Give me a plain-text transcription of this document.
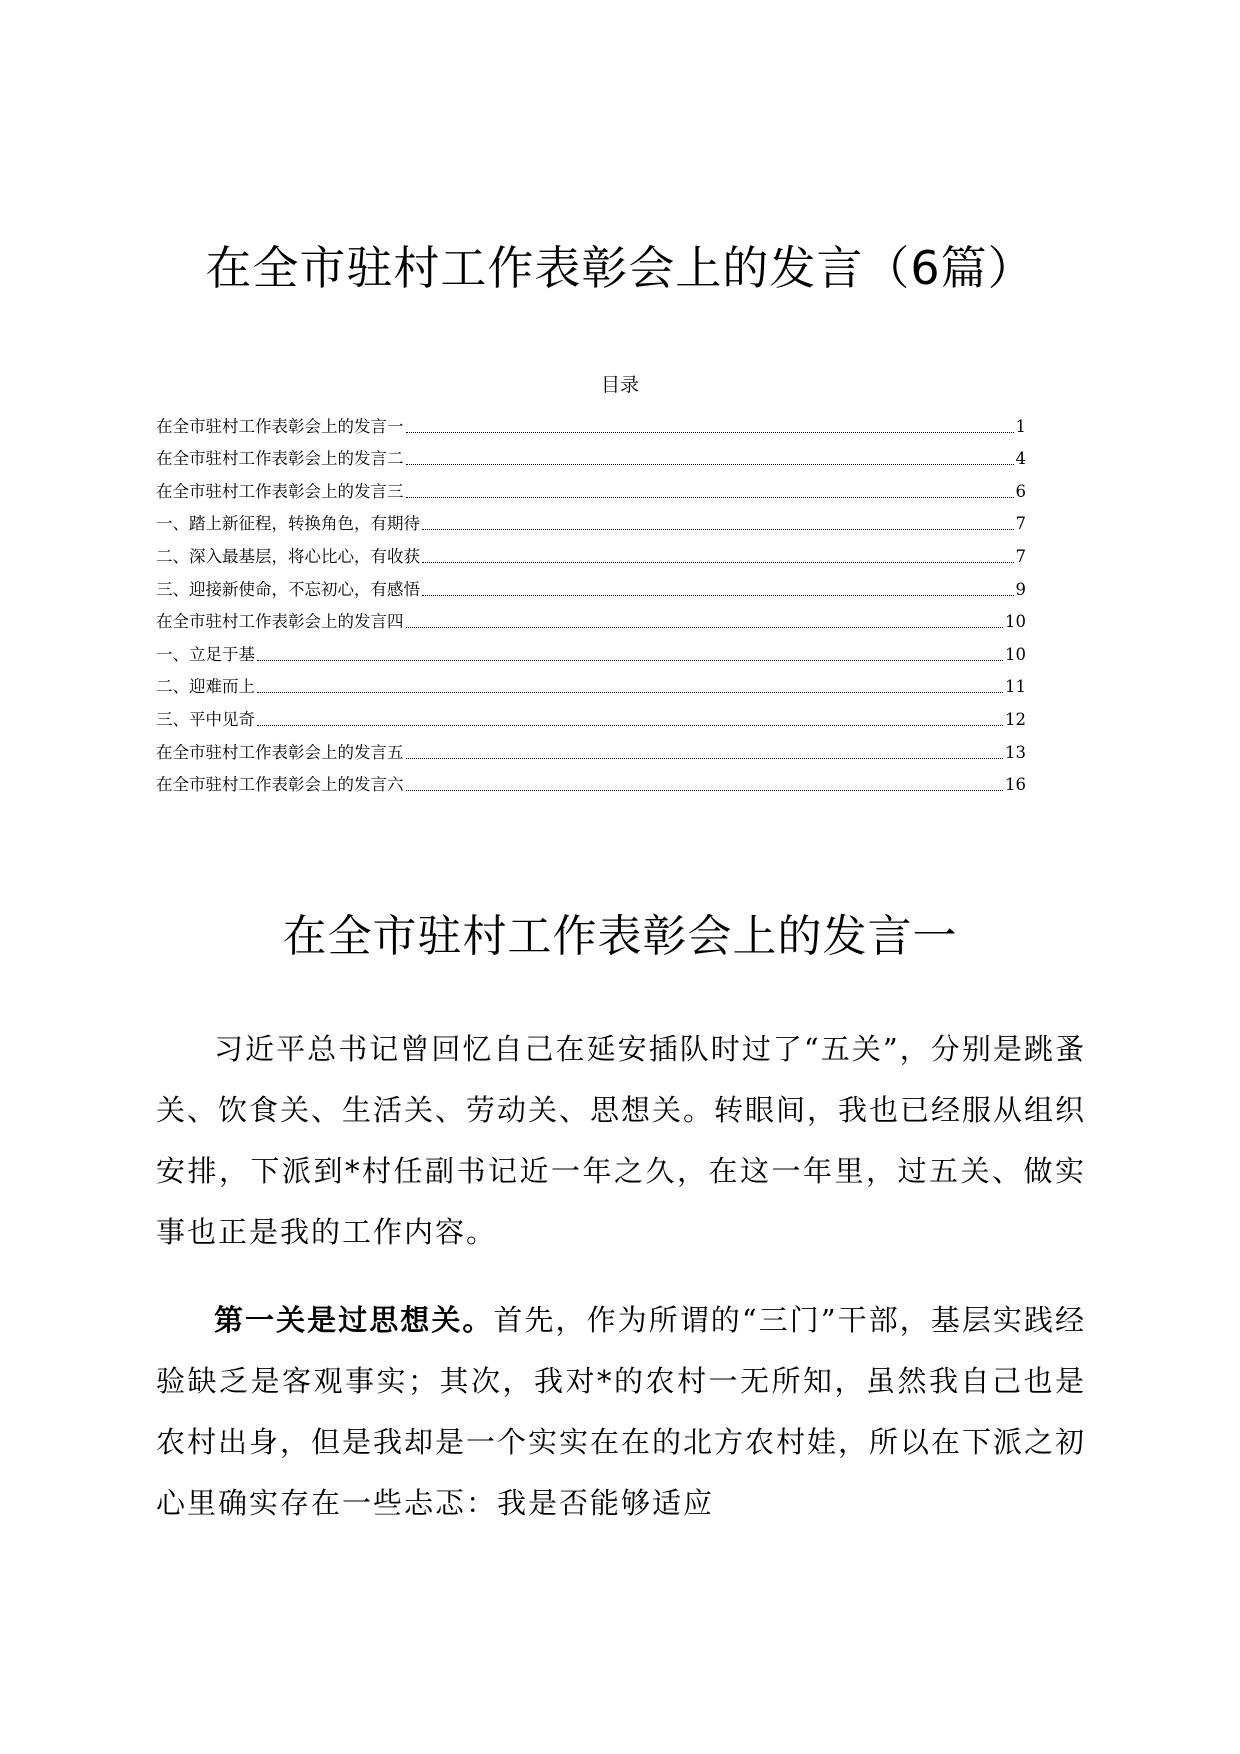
在全市驻村工作表彰会上的发言（6篇）
目录
在全市驻村工作表彰会上的发言一	1
在全市驻村工作表彰会上的发言二	4
在全市驻村工作表彰会上的发言三	6
一、踏上新征程，转换角色，有期待	7
二、深入最基层，将心比心，有收获	7
三、迎接新使命，不忘初心，有感悟	9
在全市驻村工作表彰会上的发言四	10
一、立足于基	10
二、迎难而上	11
三、平中见奇	12
在全市驻村工作表彰会上的发言五	13
在全市驻村工作表彰会上的发言六	16
在全市驻村工作表彰会上的发言一

习近平总书记曾回忆自己在延安插队时过了“五关”，分别是跳蚤关、饮食关、生活关、劳动关、思想关。转眼间，我也已经服从组织安排，下派到*村任副书记近一年之久，在这一年里，过五关、做实事也正是我的工作内容。

第一关是过思想关。首先，作为所谓的“三门”干部，基层实践经验缺乏是客观事实；其次，我对*的农村一无所知，虽然我自己也是农村出身，但是我却是一个实实在在的北方农村娃，所以在下派之初心里确实存在一些忐忑：我是否能够适应
